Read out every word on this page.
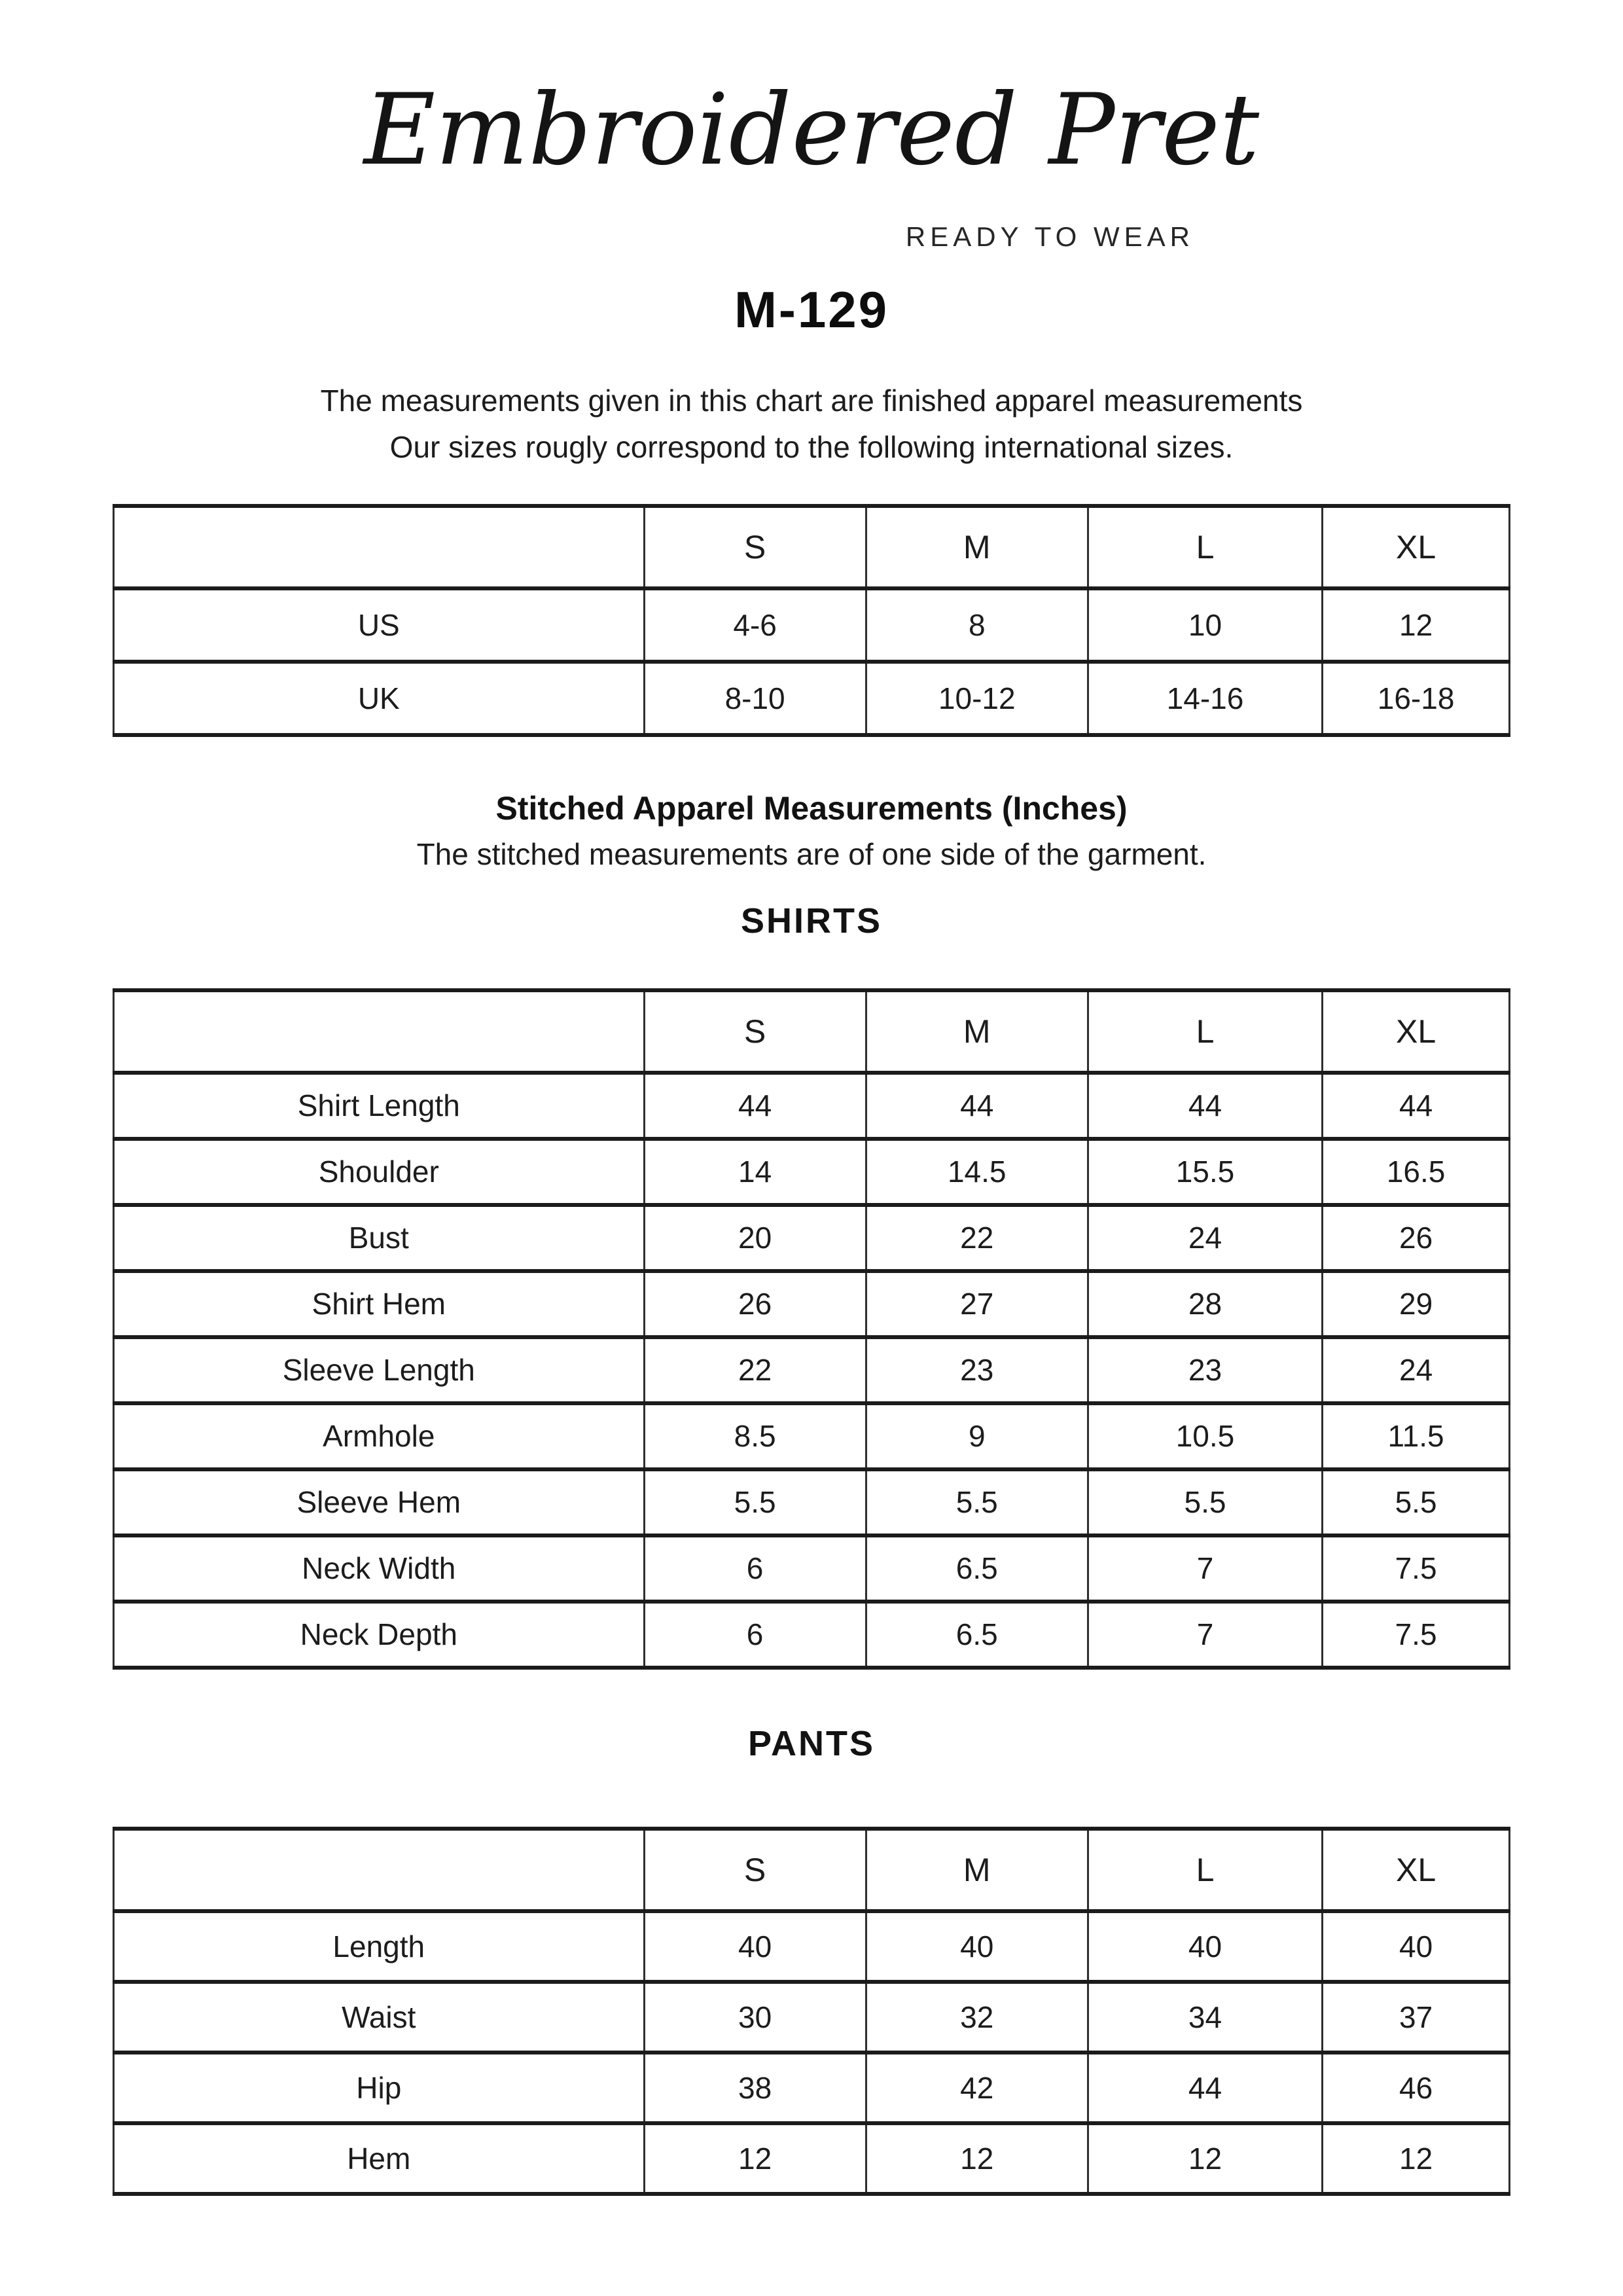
Embroidered Pret
READY TO WEAR
M-129

The measurements given in this chart are finished apparel measurements
Our sizes rougly correspond to the following international sizes.

	S	M	L	XL
US	4-6	8	10	12
UK	8-10	10-12	14-16	16-18
Stitched Apparel Measurements (Inches)

The stitched measurements are of one side of the garment.

SHIRTS
	S	M	L	XL
Shirt Length	44	44	44	44
Shoulder	14	14.5	15.5	16.5
Bust	20	22	24	26
Shirt Hem	26	27	28	29
Sleeve Length	22	23	23	24
Armhole	8.5	9	10.5	11.5
Sleeve Hem	5.5	5.5	5.5	5.5
Neck Width	6	6.5	7	7.5
Neck Depth	6	6.5	7	7.5
PANTS
	S	M	L	XL
Length	40	40	40	40
Waist	30	32	34	37
Hip	38	42	44	46
Hem	12	12	12	12
